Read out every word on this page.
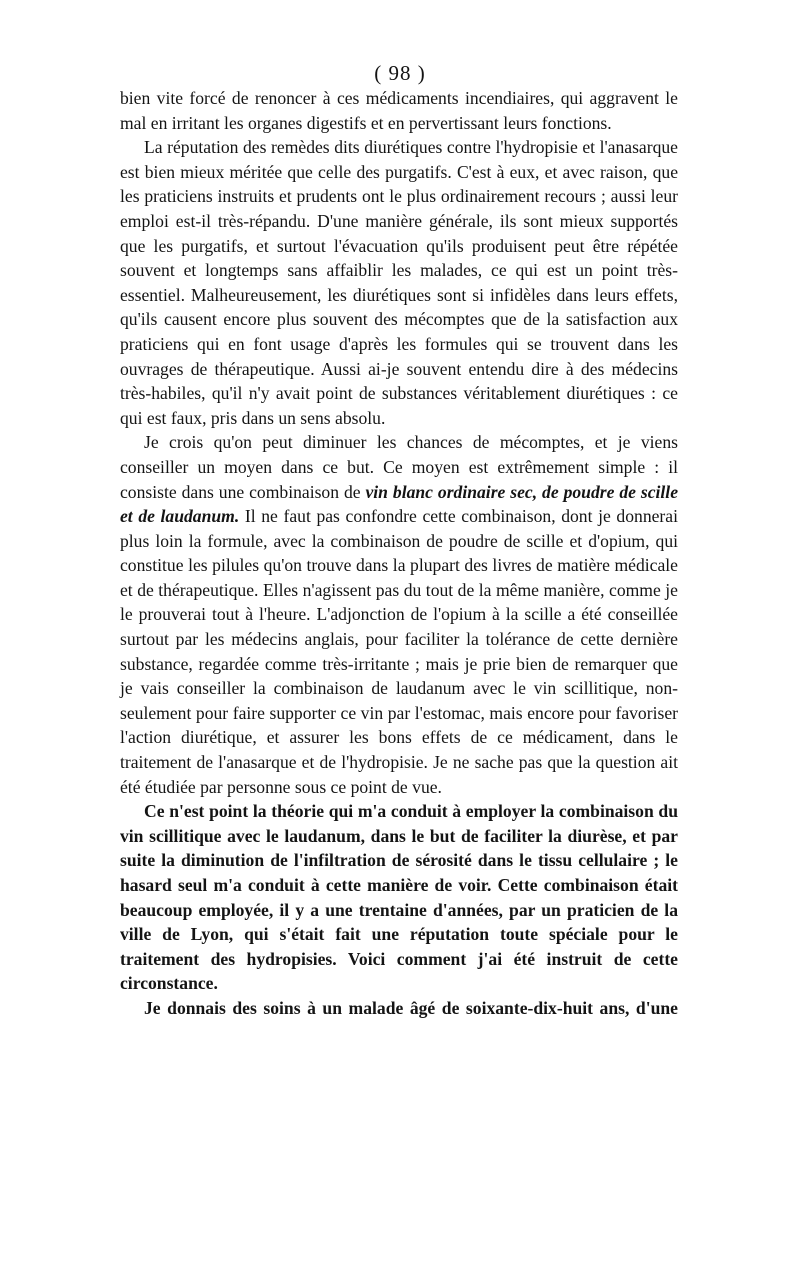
( 98 )

bien vite forcé de renoncer à ces médicaments incendiaires, qui aggravent le mal en irritant les organes digestifs et en pervertissant leurs fonctions.

La réputation des remèdes dits diurétiques contre l'hydropisie et l'anasarque est bien mieux méritée que celle des purgatifs. C'est à eux, et avec raison, que les praticiens instruits et prudents ont le plus ordinairement recours ; aussi leur emploi est-il très-répandu. D'une manière générale, ils sont mieux supportés que les purgatifs, et surtout l'évacuation qu'ils produisent peut être répétée souvent et longtemps sans affaiblir les malades, ce qui est un point très-essentiel. Malheureusement, les diurétiques sont si infidèles dans leurs effets, qu'ils causent encore plus souvent des mécomptes que de la satisfaction aux praticiens qui en font usage d'après les formules qui se trouvent dans les ouvrages de thérapeutique. Aussi ai-je souvent entendu dire à des médecins très-habiles, qu'il n'y avait point de substances véritablement diurétiques : ce qui est faux, pris dans un sens absolu.

Je crois qu'on peut diminuer les chances de mécomptes, et je viens conseiller un moyen dans ce but. Ce moyen est extrêmement simple : il consiste dans une combinaison de vin blanc ordinaire sec, de poudre de scille et de laudanum. Il ne faut pas confondre cette combinaison, dont je donnerai plus loin la formule, avec la combinaison de poudre de scille et d'opium, qui constitue les pilules qu'on trouve dans la plupart des livres de matière médicale et de thérapeutique. Elles n'agissent pas du tout de la même manière, comme je le prouverai tout à l'heure. L'adjonction de l'opium à la scille a été conseillée surtout par les médecins anglais, pour faciliter la tolérance de cette dernière substance, regardée comme très-irritante ; mais je prie bien de remarquer que je vais conseiller la combinaison de laudanum avec le vin scillitique, non-seulement pour faire supporter ce vin par l'estomac, mais encore pour favoriser l'action diurétique, et assurer les bons effets de ce médicament, dans le traitement de l'anasarque et de l'hydropisie. Je ne sache pas que la question ait été étudiée par personne sous ce point de vue.

Ce n'est point la théorie qui m'a conduit à employer la combinaison du vin scillitique avec le laudanum, dans le but de faciliter la diurèse, et par suite la diminution de l'infiltration de sérosité dans le tissu cellulaire ; le hasard seul m'a conduit à cette manière de voir. Cette combinaison était beaucoup employée, il y a une trentaine d'années, par un praticien de la ville de Lyon, qui s'était fait une réputation toute spéciale pour le traitement des hydropisies. Voici comment j'ai été instruit de cette circonstance.

Je donnais des soins à un malade âgé de soixante-dix-huit ans, d'une
